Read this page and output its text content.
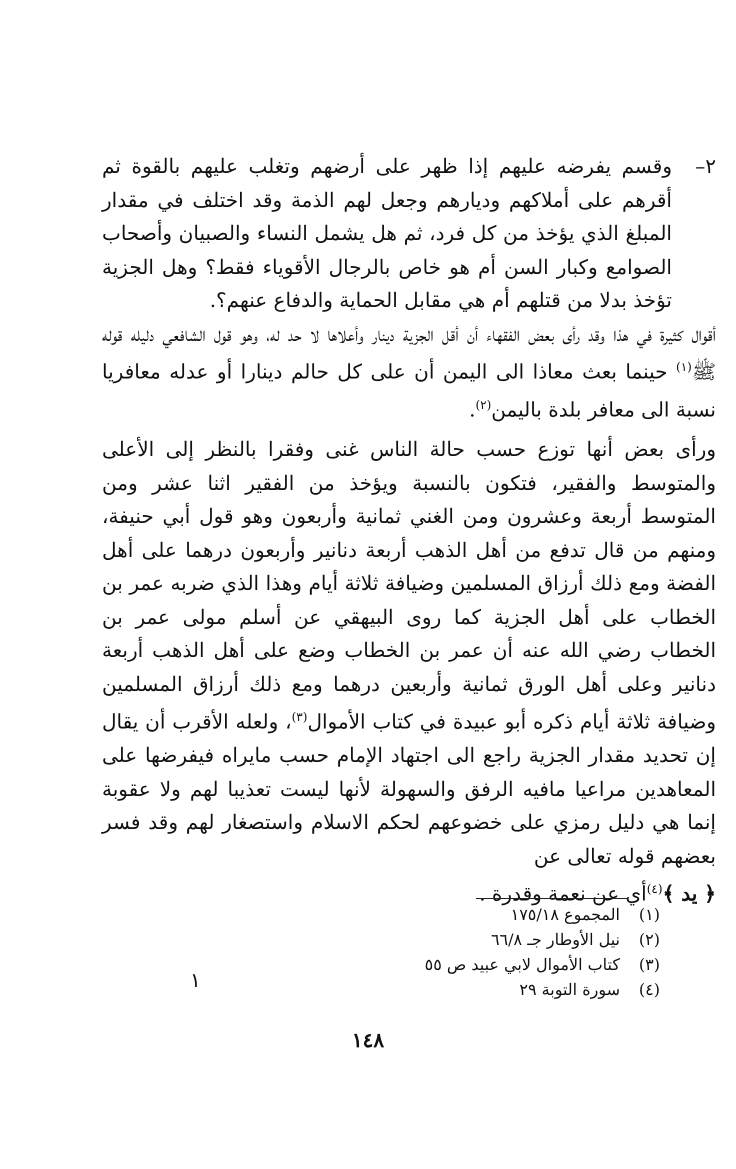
٢–
وقسم يفرضه عليهم إذا ظهر على أرضهم وتغلب عليهم بالقوة ثم أقرهم على أملاكهم وديارهم وجعل لهم الذمة وقد اختلف في مقدار المبلغ الذي يؤخذ من كل فرد، ثم هل يشمل النساء والصبيان وأصحاب الصوامع وكبار السن أم هو خاص بالرجال الأقوياء فقط؟ وهل الجزية تؤخذ بدلا من قتلهم أم هي مقابل الحماية والدفاع عنهم؟.

أقوال كثيرة في هذا وقد رأى بعض الفقهاء أن أقل الجزية دينار وأعلاها لا حد له، وهو قول الشافعي دليله قوله ﷺ$^{(١)}$ حينما بعث معاذا الى اليمن أن على كل حالم دينارا أو عدله معافريا نسبة الى معافر بلدة باليمن$^{(٢)}$.

ورأى بعض أنها توزع حسب حالة الناس غنى وفقرا بالنظر إلى الأعلى والمتوسط والفقير، فتكون بالنسبة ويؤخذ من الفقير اثنا عشر ومن المتوسط أربعة وعشرون ومن الغني ثمانية وأربعون وهو قول أبي حنيفة، ومنهم من قال تدفع من أهل الذهب أربعة دنانير وأربعون درهما على أهل الفضة ومع ذلك أرزاق المسلمين وضيافة ثلاثة أيام وهذا الذي ضربه عمر بن الخطاب على أهل الجزية كما روى البيهقي عن أسلم مولى عمر بن الخطاب رضي الله عنه أن عمر بن الخطاب وضع على أهل الذهب أربعة دنانير وعلى أهل الورق ثمانية وأربعين درهما ومع ذلك أرزاق المسلمين وضيافة ثلاثة أيام ذكره أبو عبيدة في كتاب الأموال$^{(٣)}$، ولعله الأقرب أن يقال إن تحديد مقدار الجزية راجع الى اجتهاد الإمام حسب مايراه فيفرضها على المعاهدين مراعيا مافيه الرفق والسهولة لأنها ليست تعذيبا لهم ولا عقوبة إنما هي دليل رمزي على خضوعهم لحكم الاسلام واستصغار لهم وقد فسر بعضهم قوله تعالى عن

﴿ يد ﴾$^{(٤)}$أي عن نعمة وقدرة .

(١)
المجموع ١٧٥/١٨
(٢)
نيل الأوطار جـ ٦٦/٨
(٣)
كتاب الأموال لابي عبيد ص ٥٥
(٤)
سورة التوبة ٢٩
١
١٤٨
